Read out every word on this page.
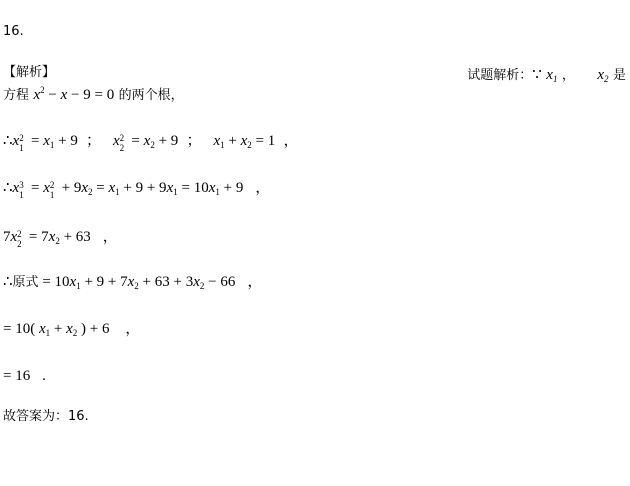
16.
【解析】	试题解析：∵ $x_1$ ， $x_2$ 是
方程 $x^2 - x - 9 = 0$ 的两个根，
∴x 2
$1 = x_1 + 9$  ；   x 2
$2 = x_2 + 9$  ；   $x_1 + x_2 = 1$  ，
∴x 3
1 = x 2
$1 + 9x_2 = x_1 + 9 + 9x_1 = 10x_1 + 9$   ，
7x 2
$2 = 7x_2 + 63$   ，
∴原式 = $10x_1 + 9 + 7x_2 + 63 + 3x_2 - 66$   ，
= 10( $x_1 + x_2$ ) + 6    ，
= 16   .
故答案为：16.
